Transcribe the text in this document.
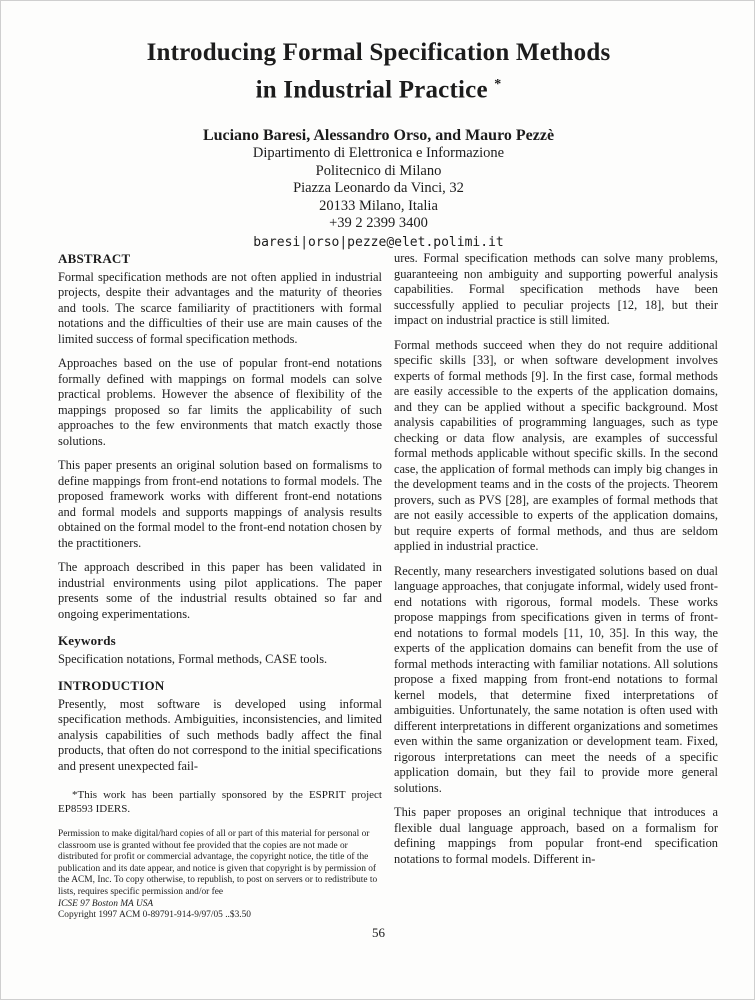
Introducing Formal Specification Methods
in Industrial Practice *
Luciano Baresi, Alessandro Orso, and Mauro Pezzè
Dipartimento di Elettronica e Informazione
Politecnico di Milano
Piazza Leonardo da Vinci, 32
20133 Milano, Italia
+39 2 2399 3400
baresi|orso|pezze@elet.polimi.it
ABSTRACT

Formal specification methods are not often applied in industrial projects, despite their advantages and the maturity of theories and tools. The scarce familiarity of practitioners with formal notations and the difficulties of their use are main causes of the limited success of formal specification methods.

Approaches based on the use of popular front-end notations formally defined with mappings on formal models can solve practical problems. However the absence of flexibility of the mappings proposed so far limits the applicability of such approaches to the few environments that match exactly those solutions.

This paper presents an original solution based on formalisms to define mappings from front-end notations to formal models. The proposed framework works with different front-end notations and formal models and supports mappings of analysis results obtained on the formal model to the front-end notation chosen by the practitioners.

The approach described in this paper has been validated in industrial environments using pilot applications. The paper presents some of the industrial results obtained so far and ongoing experimentations.

Keywords

Specification notations, Formal methods, CASE tools.

INTRODUCTION

Presently, most software is developed using informal specification methods. Ambiguities, inconsistencies, and limited analysis capabilities of such methods badly affect the final products, that often do not correspond to the initial specifications and present unexpected fail-

*This work has been partially sponsored by the ESPRIT project EP8593 IDERS.
Permission to make digital/hard copies of all or part of this material for personal or classroom use is granted without fee provided that the copies are not made or distributed for profit or commercial advantage, the copyright notice, the title of the publication and its date appear, and notice is given that copyright is by permission of the ACM, Inc. To copy otherwise, to republish, to post on servers or to redistribute to lists, requires specific permission and/or fee
ICSE 97 Boston MA USA
Copyright 1997 ACM 0-89791-914-9/97/05 ..$3.50

ures. Formal specification methods can solve many problems, guaranteeing non ambiguity and supporting powerful analysis capabilities. Formal specification methods have been successfully applied to peculiar projects [12, 18], but their impact on industrial practice is still limited.

Formal methods succeed when they do not require additional specific skills [33], or when software development involves experts of formal methods [9]. In the first case, formal methods are easily accessible to the experts of the application domains, and they can be applied without a specific background. Most analysis capabilities of programming languages, such as type checking or data flow analysis, are examples of successful formal methods applicable without specific skills. In the second case, the application of formal methods can imply big changes in the development teams and in the costs of the projects. Theorem provers, such as PVS [28], are examples of formal methods that are not easily accessible to experts of the application domains, but require experts of formal methods, and thus are seldom applied in industrial practice.

Recently, many researchers investigated solutions based on dual language approaches, that conjugate informal, widely used front-end notations with rigorous, formal models. These works propose mappings from specifications given in terms of front-end notations to formal models [11, 10, 35]. In this way, the experts of the application domains can benefit from the use of formal methods interacting with familiar notations. All solutions propose a fixed mapping from front-end notations to formal kernel models, that determine fixed interpretations of ambiguities. Unfortunately, the same notation is often used with different interpretations in different organizations and sometimes even within the same organization or development team. Fixed, rigorous interpretations can meet the needs of a specific application domain, but they fail to provide more general solutions.

This paper proposes an original technique that introduces a flexible dual language approach, based on a formalism for defining mappings from popular front-end specification notations to formal models. Different in-

56
